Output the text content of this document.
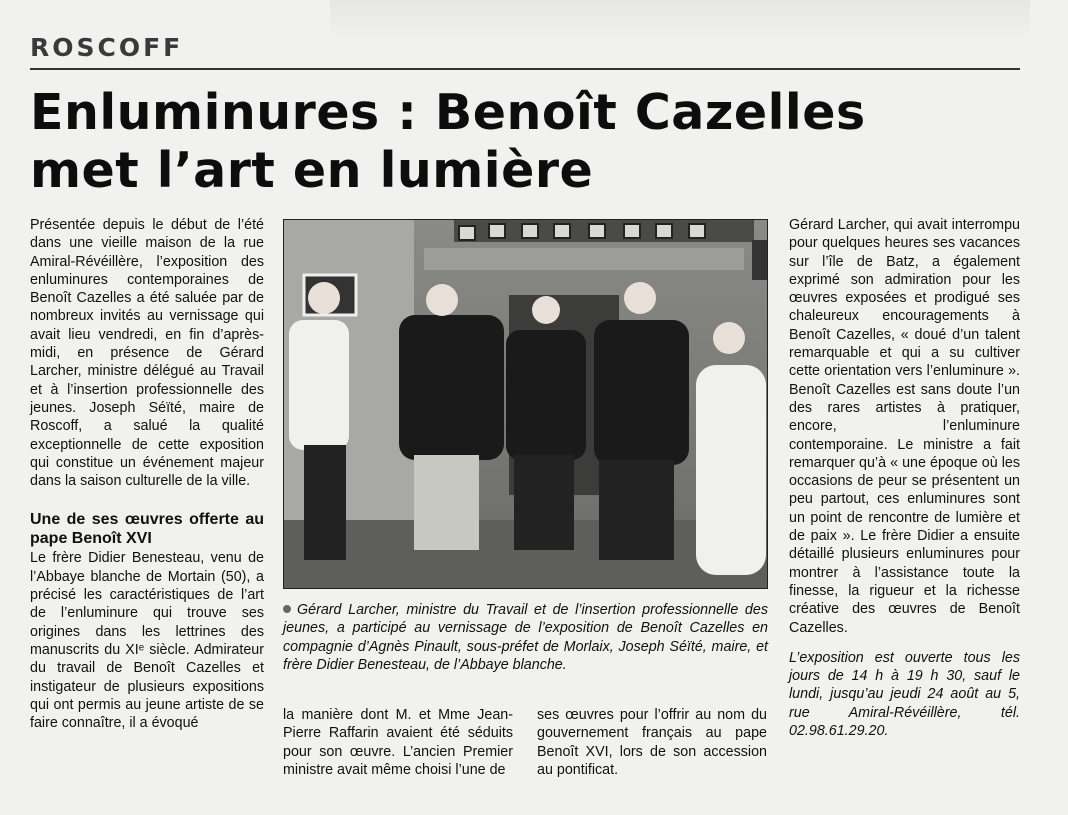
ROSCOFF
Enluminures : Benoît Cazelles
met l’art en lumière

Présentée depuis le début de l’été dans une vieille maison de la rue Amiral-Révéillère, l’exposition des enluminures contemporaines de Benoît Cazelles a été saluée par de nombreux invités au vernissage qui avait lieu vendredi, en fin d’après-midi, en présence de Gérard Larcher, ministre délégué au Travail et à l’insertion professionnelle des jeunes. Joseph Séïté, maire de Roscoff, a salué la qualité exceptionnelle de cette exposition qui constitue un événement majeur dans la saison culturelle de la ville.

Une de ses œuvres offerte au pape Benoît XVI

Le frère Didier Benesteau, venu de l’Abbaye blanche de Mortain (50), a précisé les caractéristiques de l’art de l’enluminure qui trouve ses origines dans les lettrines des manuscrits du XIᵉ siècle. Admirateur du travail de Benoît Cazelles et instigateur de plusieurs expositions qui ont permis au jeune artiste de se faire connaître, il a évoqué

Gérard Larcher, ministre du Travail et de l’insertion professionnelle des jeunes, a participé au vernissage de l’exposition de Benoît Cazelles en compagnie d’Agnès Pinault, sous-préfet de Morlaix, Joseph Séïté, maire, et frère Didier Benesteau, de l’Abbaye blanche.

la manière dont M. et Mme Jean-Pierre Raffarin avaient été séduits pour son œuvre. L’ancien Premier ministre avait même choisi l’une de

ses œuvres pour l’offrir au nom du gouvernement français au pape Benoît XVI, lors de son accession au pontificat.

Gérard Larcher, qui avait interrompu pour quelques heures ses vacances sur l’île de Batz, a également exprimé son admiration pour les œuvres exposées et prodigué ses chaleureux encouragements à Benoît Cazelles, « doué d’un talent remarquable et qui a su cultiver cette orientation vers l’enluminure ». Benoît Cazelles est sans doute l’un des rares artistes à pratiquer, encore, l’enluminure contemporaine. Le ministre a fait remarquer qu’à « une époque où les occasions de peur se présentent un peu partout, ces enluminures sont un point de rencontre de lumière et de paix ». Le frère Didier a ensuite détaillé plusieurs enluminures pour montrer à l’assistance toute la finesse, la rigueur et la richesse créative des œuvres de Benoît Cazelles.

L’exposition est ouverte tous les jours de 14 h à 19 h 30, sauf le lundi, jusqu’au jeudi 24 août au 5, rue Amiral-Révéillère, tél. 02.98.61.29.20.
